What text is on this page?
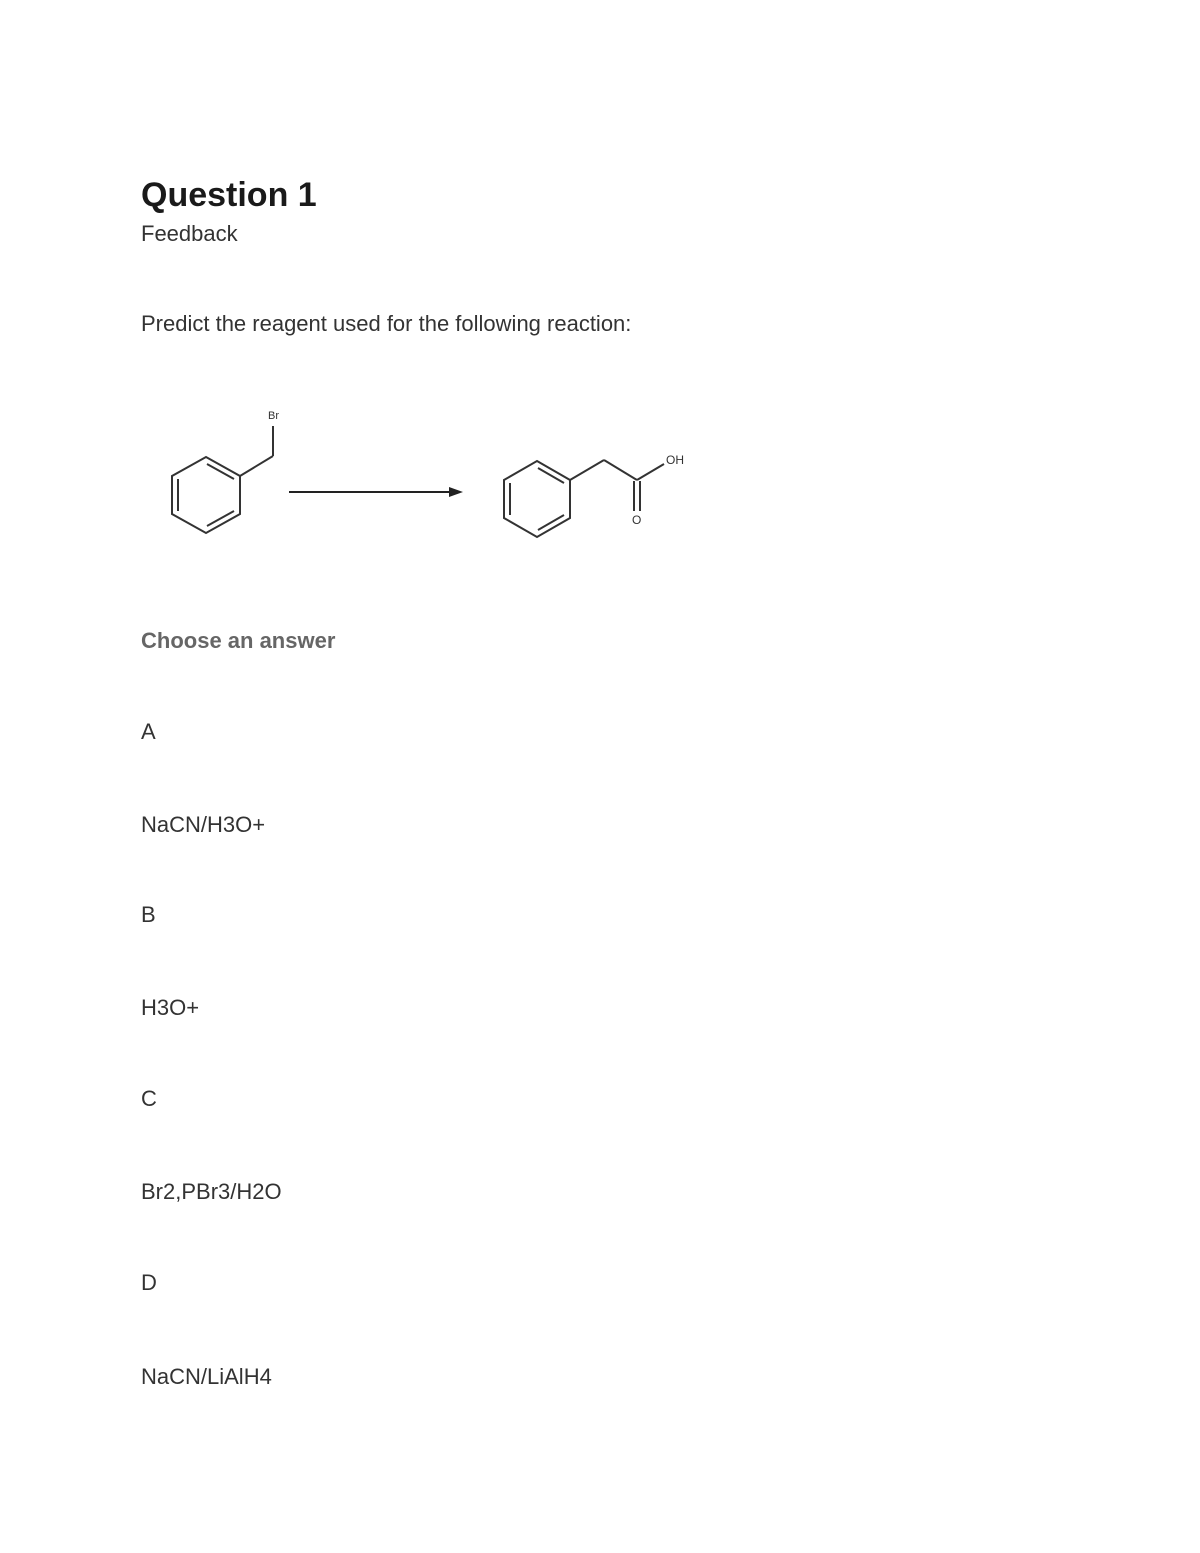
Question 1
Feedback
Predict the reagent used for the following reaction:
Br
OH
O
Choose an answer
A
NaCN/H3O+
B
H3O+
C
Br2,PBr3/H2O
D
NaCN/LiAlH4
